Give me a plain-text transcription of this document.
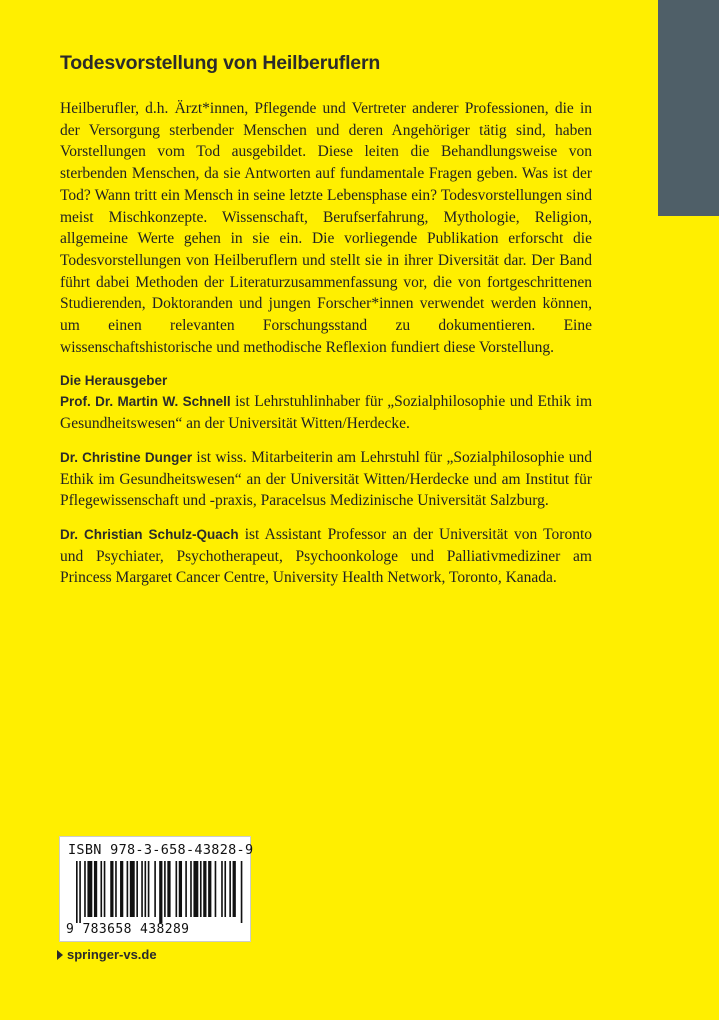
Todesvorstellung von Heilberuflern

Heilberufler, d.h. Ärzt*innen, Pflegende und Vertreter anderer Professionen, die in der Versorgung sterbender Menschen und deren Angehöriger tätig sind, haben Vorstellungen vom Tod ausgebildet. Diese leiten die Behandlungsweise von sterbenden Menschen, da sie Antworten auf fundamentale Fragen geben. Was ist der Tod? Wann tritt ein Mensch in seine letzte Lebensphase ein? Todesvorstellungen sind meist Mischkonzepte. Wissenschaft, Berufserfahrung, Mythologie, Religion, allgemeine Werte gehen in sie ein. Die vorliegende Publikation erforscht die Todesvorstellungen von Heilberuflern und stellt sie in ihrer Diversität dar. Der Band führt dabei Methoden der Literaturzusammenfassung vor, die von fortgeschrittenen Studierenden, Doktoranden und jungen Forscher*innen verwendet werden können, um einen relevanten Forschungsstand zu dokumentieren. Eine wissenschaftshistorische und methodische Reflexion fundiert diese Vorstellung.

Die Herausgeber

Prof. Dr. Martin W. Schnell ist Lehrstuhlinhaber für „Sozialphilosophie und Ethik im Gesundheitswesen“ an der Universität Witten/Herdecke.

Dr. Christine Dunger ist wiss. Mitarbeiterin am Lehrstuhl für „Sozialphilosophie und Ethik im Gesundheitswesen“ an der Universität Witten/Herdecke und am Institut für Pflegewissenschaft und -praxis, Paracelsus Medizinische Universität Salzburg.

Dr. Christian Schulz-Quach ist Assistant Professor an der Universität von Toronto und Psychiater, Psychotherapeut, Psychoonkologe und Palliativmediziner am Princess Margaret Cancer Centre, University Health Network, Toronto, Kanada.

ISBN 978-3-658-43828-9
9 783658 438289
springer-vs.de
